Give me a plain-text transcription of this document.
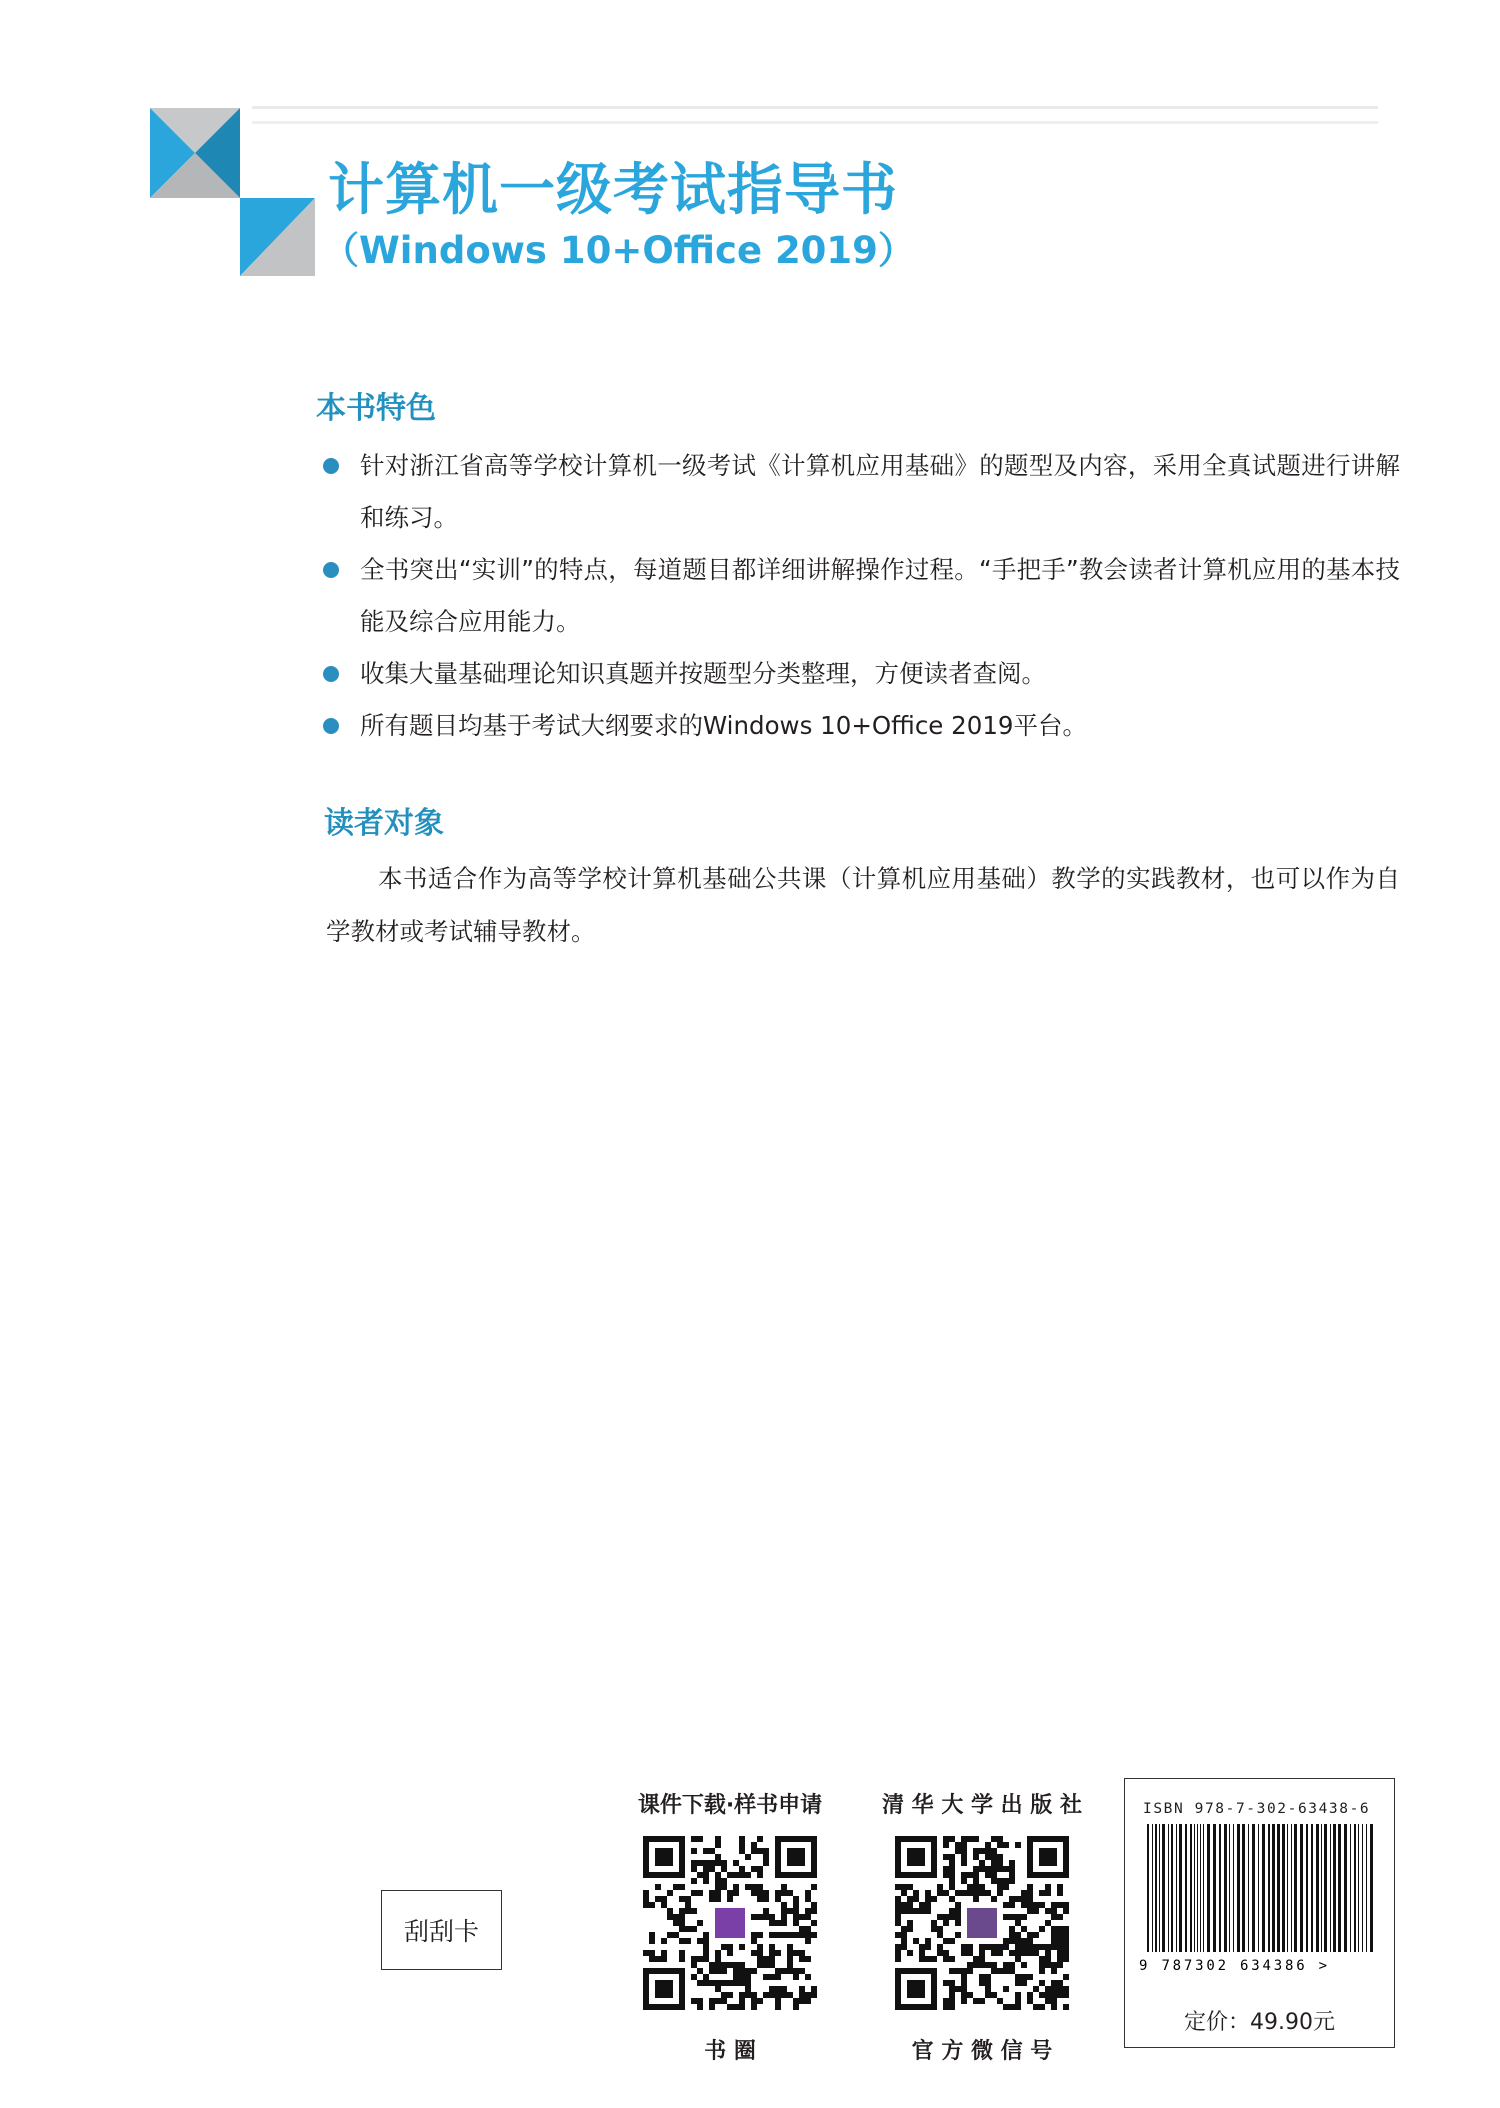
计算机一级考试指导书
（Windows 10+Office 2019）
本书特色
针对浙江省高等学校计算机一级考试《计算机应用基础》的题型及内容，采用全真试题进行讲解和练习。
全书突出“实训”的特点，每道题目都详细讲解操作过程。“手把手”教会读者计算机应用的基本技能及综合应用能力。
收集大量基础理论知识真题并按题型分类整理，方便读者查阅。
所有题目均基于考试大纲要求的Windows 10+Office 2019平台。
读者对象
本书适合作为高等学校计算机基础公共课（计算机应用基础）教学的实践教材，也可以作为自学教材或考试辅导教材。
刮刮卡
课件下载·样书申请
书 圈
清 华 大 学 出 版 社
官 方 微 信 号
ISBN 978-7-302-63438-6
9 787302 634386 >
定价：49.90元
